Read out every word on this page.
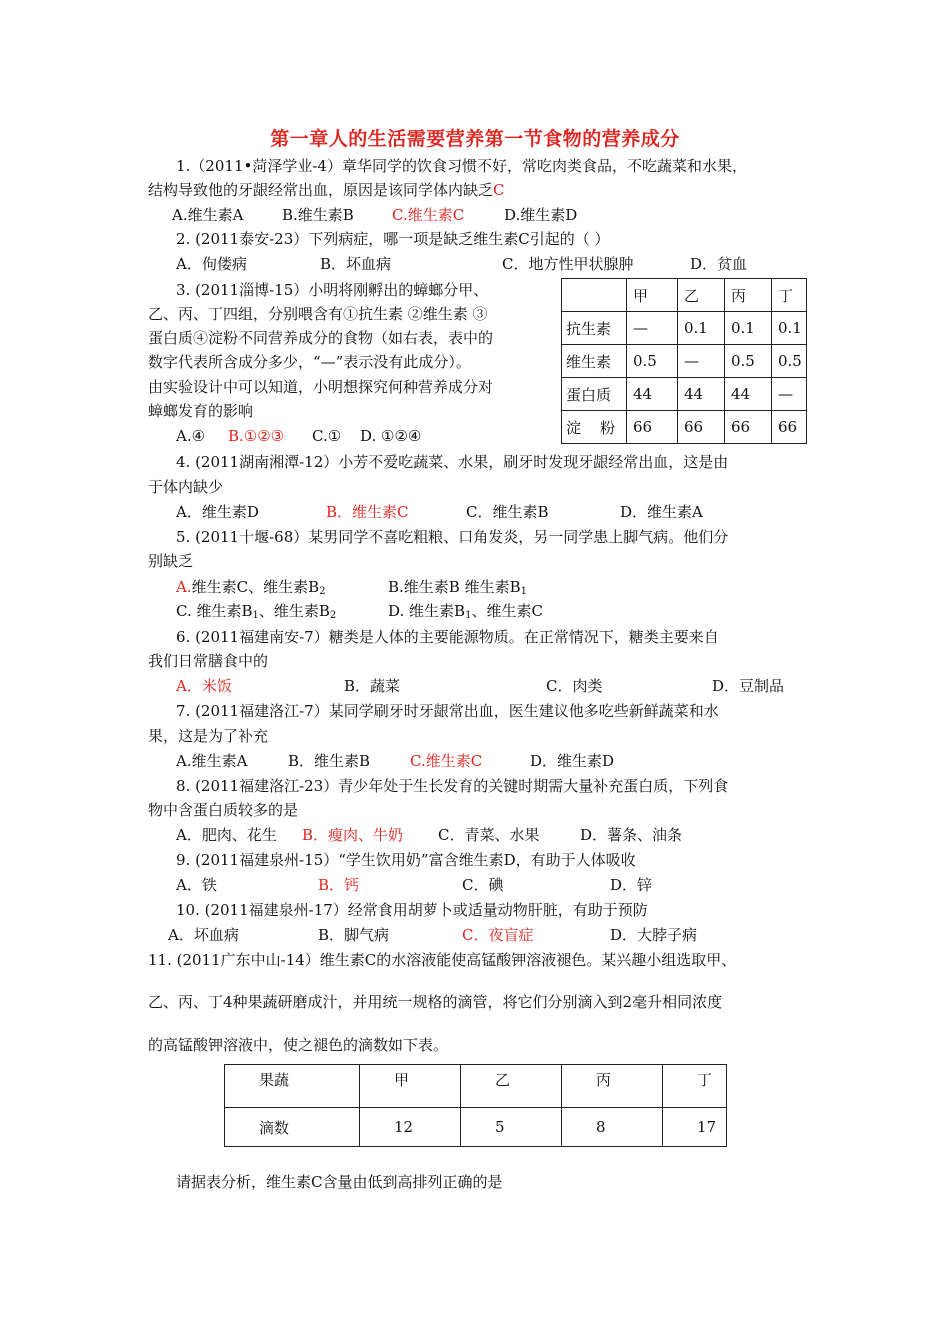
第一章人的生活需要营养第一节食物的营养成分
1.（2011•菏泽学业-4）章华同学的饮食习惯不好，常吃肉类食品，不吃蔬菜和水果，
结构导致他的牙龈经常出血，原因是该同学体内缺乏C
A.维生素A	B.维生素B	C.维生素C	D.维生素D
2. (2011泰安-23）下列病症，哪一项是缺乏维生素C引起的（ ）
A．佝偻病	B．坏血病	C．地方性甲状腺肿	D．贫血
3. (2011淄博-15）小明将刚孵出的蟑螂分甲、
乙、丙、丁四组，分别喂含有①抗生素 ②维生素 ③
蛋白质④淀粉不同营养成分的食物（如右表，表中的
数字代表所含成分多少，“—”表示没有此成分）。
由实验设计中可以知道，小明想探究何种营养成分对
蟑螂发育的影响
A.④ B.①②③ C.① D. ①②④
	甲	乙	丙	丁
抗生素	—	0.1	0.1	0.1
维生素	0.5	—	0.5	0.5
蛋白质	44	44	44	—
淀    粉	66	66	66	66
4. (2011湖南湘潭-12）小芳不爱吃蔬菜、水果，刷牙时发现牙龈经常出血，这是由
于体内缺少
A．维生素D	B．维生素C	C．维生素B	D．维生素A
5. (2011十堰-68）某男同学不喜吃粗粮、口角发炎，另一同学患上脚气病。他们分
别缺乏
A.维生素C、维生素$B_2$	B.维生素B 维生素$B_1$
C. 维生素$B_1$、维生素$B_2$	D. 维生素$B_1$、维生素C
6. (2011福建南安-7）糖类是人体的主要能源物质。在正常情况下，糖类主要来自
我们日常膳食中的
A．米饭	B．蔬菜	C．肉类	D．豆制品
7. (2011福建洛江-7）某同学刷牙时牙龈常出血，医生建议他多吃些新鲜蔬菜和水
果，这是为了补充
A.维生素A	B．维生素B	C.维生素C	D．维生素D
8. (2011福建洛江-23）青少年处于生长发育的关键时期需大量补充蛋白质，下列食
物中含蛋白质较多的是
A．肥肉、花生 B．瘦肉、牛奶 C．青菜、水果	D．薯条、油条
9. (2011福建泉州-15）“学生饮用奶”富含维生素D，有助于人体吸收
A．铁	B．钙	C．碘	D．锌
10. (2011福建泉州-17）经常食用胡萝卜或适量动物肝脏，有助于预防
A．坏血病	B．脚气病	C．夜盲症	D．大脖子病
11. (2011广东中山-14）维生素C的水溶液能使高锰酸钾溶液褪色。某兴趣小组选取甲、
乙、丙、丁4种果蔬研磨成汁，并用统一规格的滴管，将它们分别滴入到2毫升相同浓度
的高锰酸钾溶液中，使之褪色的滴数如下表。
果蔬	甲	乙	丙	丁
滴数	12	5	8	17
请据表分析，维生素C含量由低到高排列正确的是
